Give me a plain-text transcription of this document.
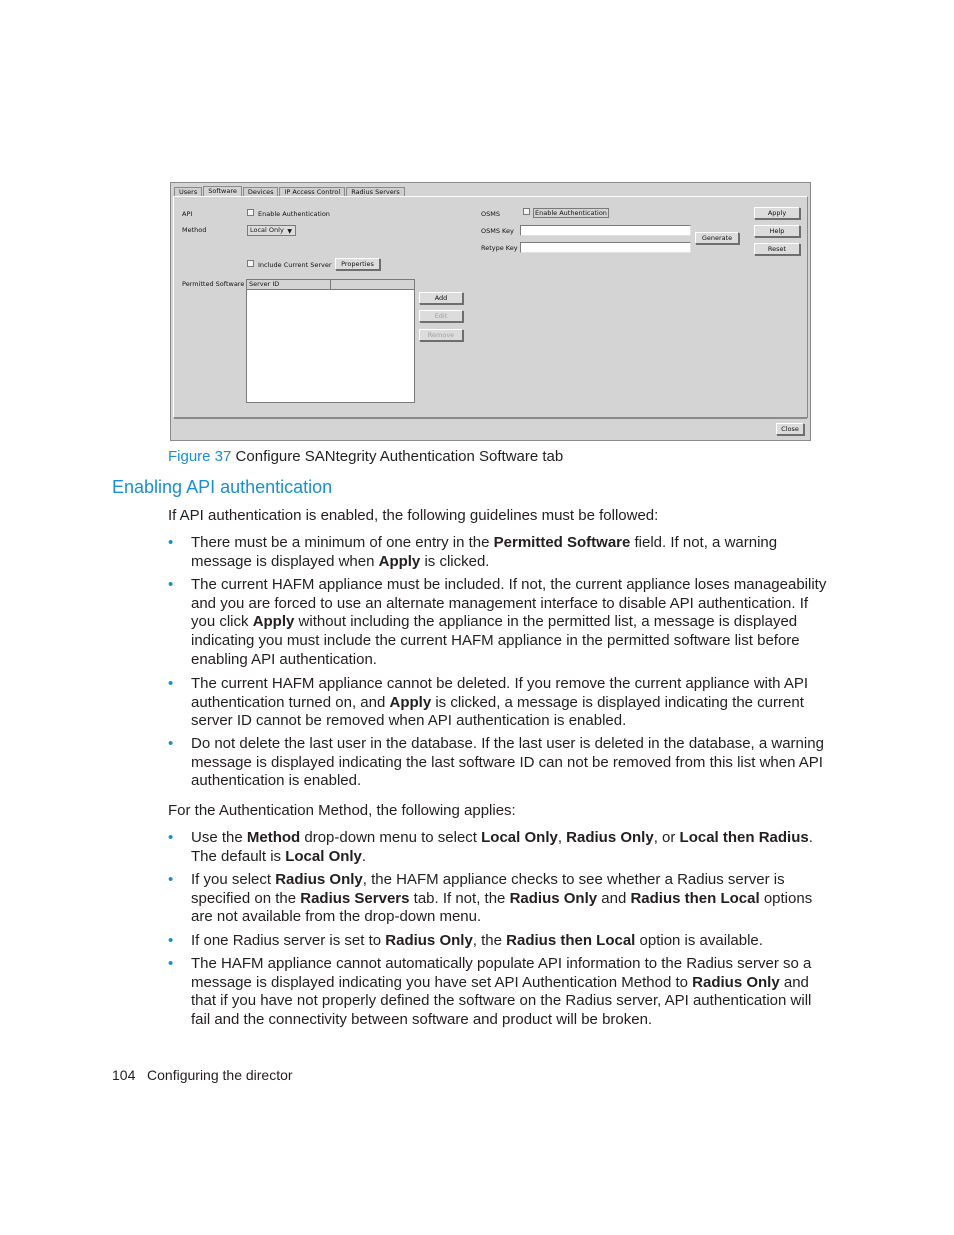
Users	Software	Devices	IP Access Control	Radius Servers
API	Enable Authentication
Method	Local Only ▼
Include Current Server	Properties
Permitted Software Server ID
Add
Edit
Remove
OSMS	Enable Authentication
OSMS Key
Generate
Retype Key
Apply
Help
Reset
Close
Figure 37 Configure SANtegrity Authentication Software tab
Enabling API authentication
If API authentication is enabled, the following guidelines must be followed:
• There must be a minimum of one entry in the Permitted Software field. If not, a warning message is displayed when Apply is clicked.
• The current HAFM appliance must be included. If not, the current appliance loses manageability and you are forced to use an alternate management interface to disable API authentication. If you click Apply without including the appliance in the permitted list, a message is displayed indicating you must include the current HAFM appliance in the permitted software list before enabling API authentication.
• The current HAFM appliance cannot be deleted. If you remove the current appliance with API authentication turned on, and Apply is clicked, a message is displayed indicating the current server ID cannot be removed when API authentication is enabled.
• Do not delete the last user in the database. If the last user is deleted in the database, a warning message is displayed indicating the last software ID can not be removed from this list when API authentication is enabled.
For the Authentication Method, the following applies:
• Use the Method drop-down menu to select Local Only, Radius Only, or Local then Radius. The default is Local Only.
• If you select Radius Only, the HAFM appliance checks to see whether a Radius server is specified on the Radius Servers tab. If not, the Radius Only and Radius then Local options are not available from the drop-down menu.
• If one Radius server is set to Radius Only, the Radius then Local option is available.
• The HAFM appliance cannot automatically populate API information to the Radius server so a message is displayed indicating you have set API Authentication Method to Radius Only and that if you have not properly defined the software on the Radius server, API authentication will fail and the connectivity between software and product will be broken.
104 Configuring the director
